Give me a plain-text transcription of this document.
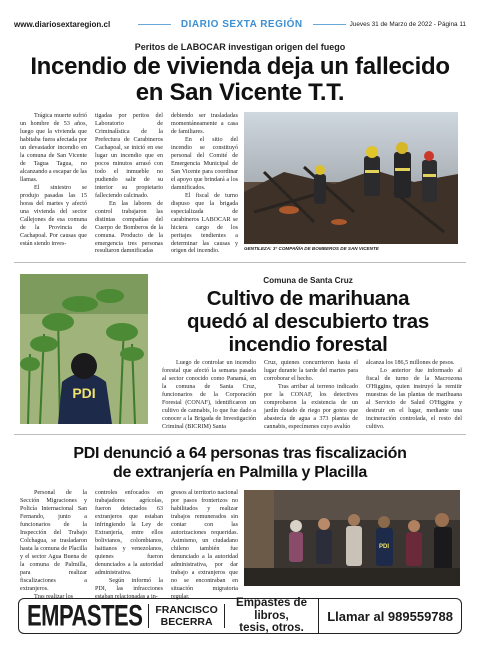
www.diariosextaregion.cl	DIARIO SEXTA REGIÓN	Jueves 31 de Marzo de 2022 - Página 11
Peritos de LABOCAR investigan origen del fuego
Incendio de vivienda deja un fallecido
en San Vicente T.T.

Trágica muerte sufrió un hombre de 53 años, luego que la vivienda que habitaba fuera afectada por un devastador incendio en la comuna de San Vicente de Tagua Tagua, no alcanzando a escapar de las llamas.

El siniestro se produjo pasadas las 15 horas del martes y afectó una vivienda del sector Callejones de esa comuna de la Provincia de Cachapoal. Por causas que están siendo inves-

tigadas por peritos del Laboratorio de Criminalística de la Prefectura de Carabineros Cachapoal, se inició en ese lugar un incendio que en pocos minutos arrasó con todo el inmueble no pudiendo salir de su interior su propietario falleciendo calcinado.

En las labores de control trabajaron las distintas compañías del Cuerpo de Bomberos de la comuna. Producto de la emergencia tres personas resultaron damnificadas

debiendo ser trasladadas momentáneamente a casa de familiares.

En el sitio del incendio se constituyó personal del Comité de Emergencia Municipal de San Vicente para coordinar el apoyo que brindará a los damnificados.

El fiscal de turno dispuso que la brigada especializada de carabineros LABOCAR se hiciera cargo de los peritajes tendientes a determinar las causas y origen del incendio.	GENTILEZA: 3° COMPAÑÍA DE BOMBEROS DE SAN VICENTE
PDI
Comuna de Santa Cruz
Cultivo de marihuana
quedó al descubierto tras
incendio forestal

Luego de controlar un incendio forestal que afectó la semana pasada al sector conocido como Panamá, en la comuna de Santa Cruz, funcionarios de la Corporación Forestal (CONAF), identificaron un cultivo de cannabis, lo que fue dado a conocer a la Brigada de Investigación Criminal (BICRIM) Santa

Cruz, quienes concurrieron hasta el lugar durante la tarde del martes para corroborar el hecho.

Tras arribar al terreno indicado por la CONAF, los detectives comprobaron la existencia de un jardín dotado de riego por goteo que abastecía de agua a 373 plantas de cannabis, especímenes cuyo avalúo

alcanza los 186,5 millones de pesos.

Lo anterior fue informado al fiscal de turno de la Macrozona O'Higgins, quien instruyó la remitir muestras de las plantas de marihuana al Servicio de Salud O'Higgins y destruir en el lugar, mediante una incineración controlada, el resto del cultivo.

PDI denunció a 64 personas tras fiscalización
de extranjería en Palmilla y Placilla

Personal de la Sección Migraciones y Policía Internacional San Fernando, junto a funcionarios de la Inspección del Trabajo Colchagua, se trasladaron hasta la comuna de Placilla y el sector Agua Buena de la comuna de Palmilla, para realizar fiscalizaciones a extranjeros.

Tras realizar los

controles enfocados en trabajadores agrícolas, fueron detectados 63 extranjeros que estaban infringiendo la Ley de Extranjería, entre ellos bolivianos, colombianos, haitianos y venezolanos, quienes fueron denunciados a la autoridad administrativa.

Según informó la PDI, las infracciones estaban relacionadas a in-

gresos al territorio nacional por pasos fronterizos no habilitados y realizar trabajos remunerados sin contar con las autorizaciones requeridas. Asimismo, un ciudadano chileno también fue denunciado a la autoridad administrativa, por dar trabajo a extranjeros que no se encontraban en situación migratoria regular.

PDI
EMPASTES	FRANCISCO
BECERRA
Empastes de libros,
tesis, otros.
Llamar al 989559788
